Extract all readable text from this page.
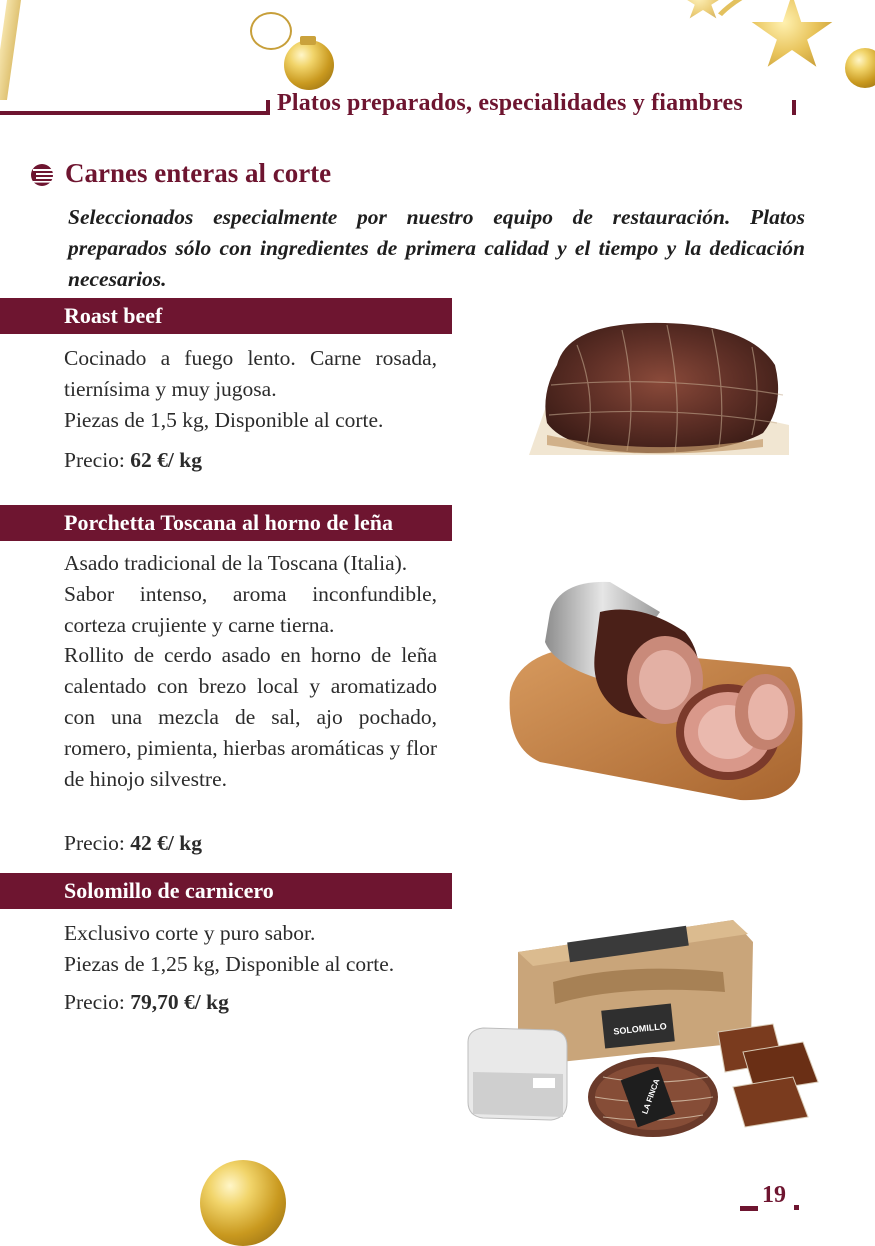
Platos preparados, especialidades y fiambres
Carnes enteras al corte
Seleccionados especialmente por nuestro equipo de restauración. Platos preparados sólo con ingredientes de primera calidad y el tiempo y la dedicación necesarios.
Roast beef

Cocinado a fuego lento. Carne rosada, tiernísima y muy jugosa.

Piezas de 1,5 kg, Disponible al corte.

Precio: 62 €/ kg
Porchetta Toscana al horno de leña

Asado tradicional de la Toscana (Italia).

Sabor intenso, aroma inconfundible, corteza crujiente y carne tierna.

Rollito de cerdo asado en horno de leña calentado con brezo local y aromatizado con una mezcla de sal, ajo pochado, romero, pimienta, hierbas aromáticas y flor de hinojo silvestre.

Precio: 42 €/ kg
Solomillo de carnicero

Exclusivo corte y puro sabor.

Piezas de 1,25 kg, Disponible al corte.

Precio: 79,70 €/ kg
SOLOMILLO
LA FINCA
19
